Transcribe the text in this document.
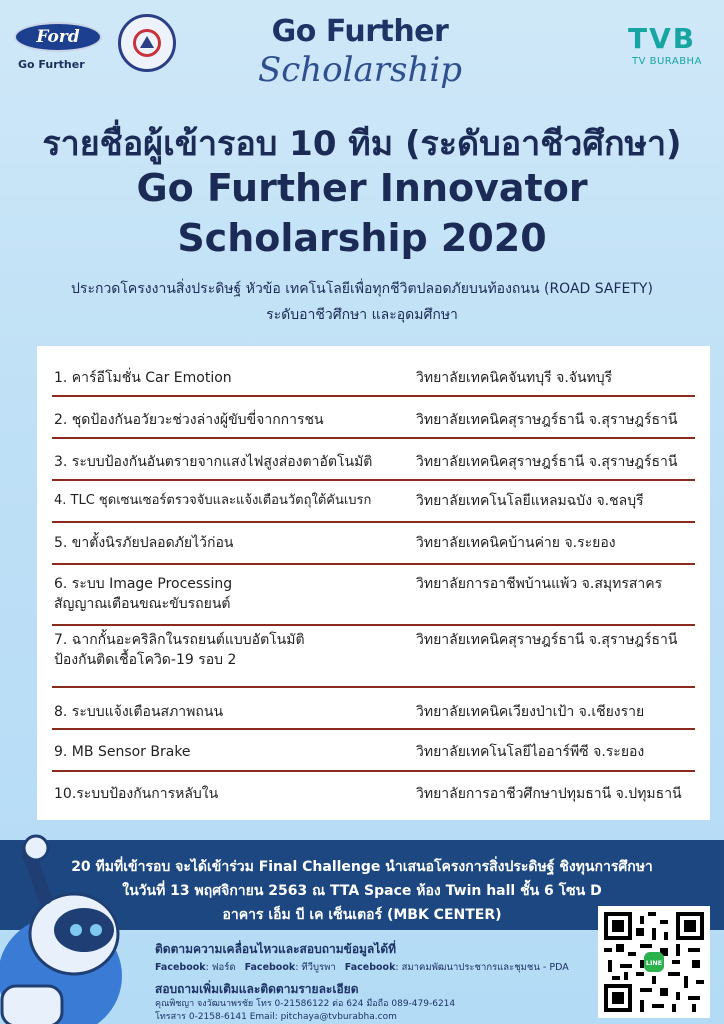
Ford
Go Further
Go Further
Scholarship
TVB
TV BURABHA
รายชื่อผู้เข้ารอบ 10 ทีม (ระดับอาชีวศึกษา)
Go Further Innovator
Scholarship 2020
ประกวดโครงงานสิ่งประดิษฐ์ หัวข้อ เทคโนโลยีเพื่อทุกชีวิตปลอดภัยบนท้องถนน (ROAD SAFETY)
ระดับอาชีวศึกษา และอุดมศึกษา
1. คาร์อีโมชั่น Car Emotion	วิทยาลัยเทคนิคจันทบุรี จ.จันทบุรี
2. ชุดป้องกันอวัยวะช่วงล่างผู้ขับขี่จากการชน	วิทยาลัยเทคนิคสุราษฎร์ธานี จ.สุราษฎร์ธานี
3. ระบบป้องกันอันตรายจากแสงไฟสูงส่องตาอัตโนมัติ	วิทยาลัยเทคนิคสุราษฎร์ธานี จ.สุราษฎร์ธานี
4. TLC ชุดเซนเซอร์ตรวจจับและแจ้งเตือนวัตถุใต้คันเบรก	วิทยาลัยเทคโนโลยีแหลมฉบัง จ.ชลบุรี
5. ขาตั้งนิรภัยปลอดภัยไว้ก่อน	วิทยาลัยเทคนิคบ้านค่าย จ.ระยอง
6. ระบบ Image Processing
สัญญาณเตือนขณะขับรถยนต์
วิทยาลัยการอาชีพบ้านแพ้ว จ.สมุทรสาคร
7. ฉากกั้นอะคริลิกในรถยนต์แบบอัตโนมัติ
ป้องกันติดเชื้อโควิด-19 รอบ 2
วิทยาลัยเทคนิคสุราษฎร์ธานี จ.สุราษฎร์ธานี
8. ระบบแจ้งเตือนสภาพถนน	วิทยาลัยเทคนิคเวียงป่าเป้า จ.เชียงราย
9. MB Sensor Brake	วิทยาลัยเทคโนโลยีไออาร์พีซี จ.ระยอง
10.ระบบป้องกันการหลับใน	วิทยาลัยการอาชีวศึกษาปทุมธานี จ.ปทุมธานี
20 ทีมที่เข้ารอบ จะได้เข้าร่วม Final Challenge นำเสนอโครงการสิ่งประดิษฐ์ ชิงทุนการศึกษา
ในวันที่ 13 พฤศจิกายน 2563 ณ TTA Space ห้อง Twin hall ชั้น 6 โซน D
อาคาร เอ็ม บี เค เซ็นเตอร์ (MBK CENTER)
ติดตามความเคลื่อนไหวและสอบถามข้อมูลได้ที่
Facebook: ฟอร์ด Facebook: ทีวีบูรพา Facebook: สมาคมพัฒนาประชากรและชุมชน - PDA
สอบถามเพิ่มเติมและติดตามรายละเอียด
คุณพิชญา จงวัฒนาพรชัย โทร 0-21586122 ต่อ 624 มือถือ 089-479-6214
โทรสาร 0-2158-6141 Email: pitchaya@tvburabha.com
LINE
